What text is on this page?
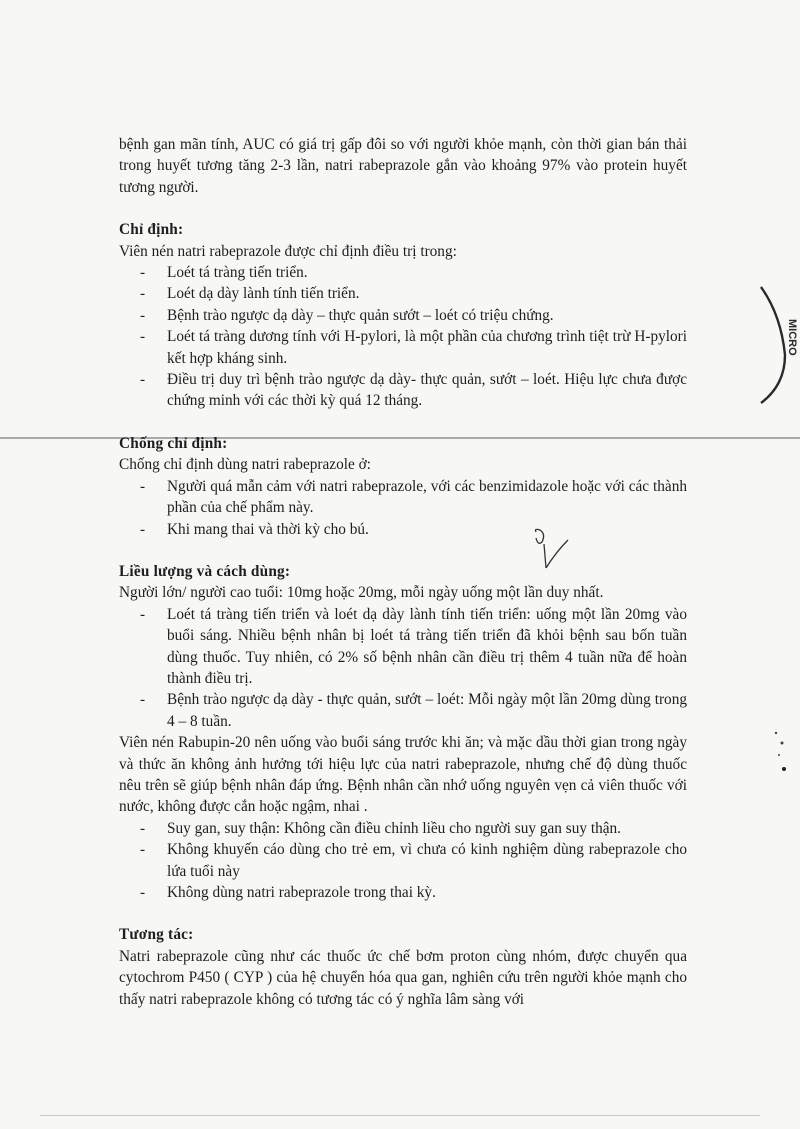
MICRO

bệnh gan mãn tính, AUC có giá trị gấp đôi so với người khỏe mạnh, còn thời gian bán thải trong huyết tương tăng 2-3 lần, natri rabeprazole gắn vào khoảng 97% vào protein huyết tương người.

Chỉ định:

Viên nén natri rabeprazole được chỉ định điều trị trong:

- Loét tá tràng tiến triển.
- Loét dạ dày lành tính tiến triển.
- Bệnh trào ngược dạ dày – thực quản sướt – loét có triệu chứng.
- Loét tá tràng dương tính với H-pylori, là một phần của chương trình tiệt trừ H-pylori kết hợp kháng sinh.
- Điều trị duy trì bệnh trào ngược dạ dày- thực quản, sướt – loét. Hiệu lực chưa được chứng minh với các thời kỳ quá 12 tháng.
Chống chỉ định:

Chống chỉ định dùng natri rabeprazole ở:

- Người quá mẫn cảm với natri rabeprazole, với các benzimidazole hoặc với các thành phần của chế phẩm này.
- Khi mang thai và thời kỳ cho bú.
Liều lượng và cách dùng:

Người lớn/ người cao tuổi: 10mg hoặc 20mg, mỗi ngày uống một lần duy nhất.

- Loét tá tràng tiến triển và loét dạ dày lành tính tiến triển: uống một lần 20mg vào buổi sáng. Nhiều bệnh nhân bị loét tá tràng tiến triển đã khỏi bệnh sau bốn tuần dùng thuốc. Tuy nhiên, có 2% số bệnh nhân cần điều trị thêm 4 tuần nữa để hoàn thành điều trị.
- Bệnh trào ngược dạ dày - thực quản, sướt – loét: Mỗi ngày một lần 20mg dùng trong 4 – 8 tuần.

Viên nén Rabupin-20 nên uống vào buổi sáng trước khi ăn; và mặc dầu thời gian trong ngày và thức ăn không ảnh hưởng tới hiệu lực của natri rabeprazole, nhưng chế độ dùng thuốc nêu trên sẽ giúp bệnh nhân đáp ứng. Bệnh nhân cần nhớ uống nguyên vẹn cả viên thuốc với nước, không được cắn hoặc ngậm, nhai .

- Suy gan, suy thận: Không cần điều chỉnh liều cho người suy gan suy thận.
- Không khuyến cáo dùng cho trẻ em, vì chưa có kinh nghiệm dùng rabeprazole cho lứa tuổi này
- Không dùng natri rabeprazole trong thai kỳ.
Tương tác:

Natri rabeprazole cũng như các thuốc ức chế bơm proton cùng nhóm, được chuyển qua cytochrom P450 ( CYP ) của hệ chuyển hóa qua gan, nghiên cứu trên người khỏe mạnh cho thấy natri rabeprazole không có tương tác có ý nghĩa lâm sàng với
